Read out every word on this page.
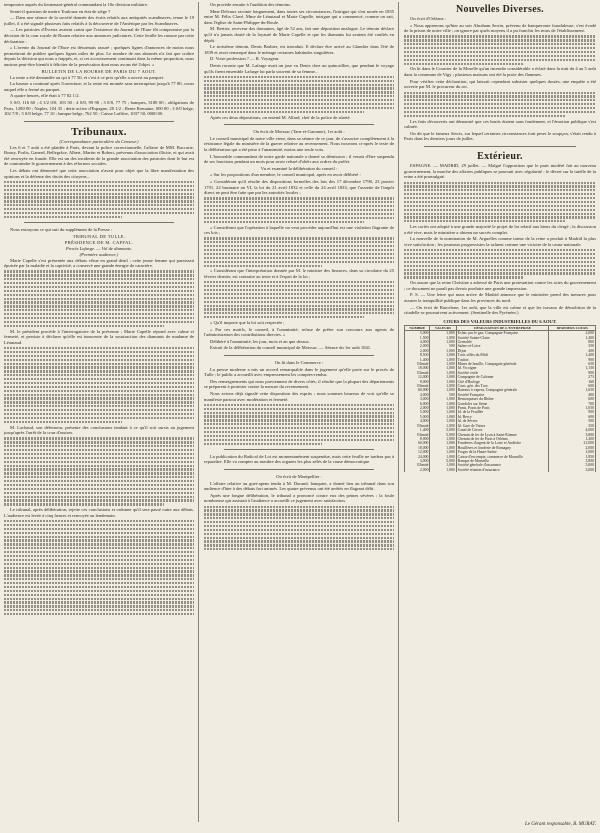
temporaire auprès du lieutenant-général commandant la 10e division militaire.

Serait-il question de mettre Toulouse en état de siége ?

— Dans une séance de la société donnée des écrits relatifs aux antiquités scandinaves, tenue le 19 juillet, il a été signalé plusieurs faits relatifs à la découverte de l'Amérique par les Scandinaves.

— Les patriotes d'Évreux avaient craint que l'existence du Journal de l'Eure fût compromise par la décision de la cour royale de Rouen relative aux annonces judiciaires. Cette feuille les rassure par cette déclaration :

« L'avenir du Journal de l'Eure est désormais assuré ; quelques lignes d'annonces de moins nous permettront de publier quelques lignes utiles de plus. Le nombre de nos abonnés n'a fait que croître depuis la décision qui nous a frappés, et, si cet accroissement continuait dans la même proportion, nous aurions peut-être bientôt à féliciter de la persécution dont nous avons été l'objet. »

BULLETIN DE LA BOURSE DE PARIS DU 7 AOUT.

La rente a été demandée au cpt à 77 50, et c'est à ce prix qu'elle a ouvert au parquet.

La hausse a continué après l'ouverture, et la rente est montée sans interruption jusqu'à 77 80, cours auquel elle a fermé au parquet.

A quatre heures, elle était à 77 82 1/2.

5 0/0, 116 60 ; 4 1/2 0/0, 103 50 ; 4 0/0, 99 90 ; 3 0/0, 77 75 ; banques, 3180 00 ; obligations de Paris, 1280 00 ; Naples, 104 35 ; dette active d'Espagne, 20 1/2 ; Rente Romaine, 000 00 ; 3 0/0 belge, 102 7/8 ; 5 0/0 belge, 77 10 ; banque belge, 762 50 ; Caisse Laffitte, 1037 50, 0000 00.

Tribunaux.
(Correspondance particulière du Censeur.)

Les 6 et 7 août a été plaidée à Paris, devant la police correctionnelle, l'affaire de MM. Baccarie, Bosny, Porlis, Ganerd, Bellegrâce, Albert, Martin et Robert, prévenus d'association illicite, et qui avait été renvoyée en fraude. Elle est un des incidents de la grande association des patriotes dont le but est de contraindre le gouvernement à des réformes sociales.

Les débats ont démontré que cette association n'avait pour objet que la libre manifestation des opinions et la défense des droits des citoyens...

Nous extrayons ce qui suit du supplément de la Presse :

TRIBUNAL DE TULLE.
PRÉSIDENCE DE M. CAFFAL.
Procès Lafarge. — Vol de diamants.
(Première audience.)

Marie Capelle s'est présentée aux débats vêtue en grand deuil ; cette jeune femme qui paraissait épuisée par la maladie et la captivité, a conservé une grande énergie de caractère.

M. le président procède à l'interrogatoire de la prévenue ; Marie Capelle répond avec calme et fermeté, et persiste à déclarer qu'elle est innocente de la soustraction des diamants de madame de Léautaud.

M. Lachaud, son défenseur, présente des conclusions tendant à ce qu'il soit sursis au jugement jusqu'après l'arrêt de la cour d'assises.

Le tribunal, après délibération, rejette ces conclusions et ordonne qu'il sera passé outre aux débats. L'audience est levée à cinq heures et renvoyée au lendemain.

On procède ensuite à l'audition des témoins.

Mme Delvaux raconte longuement, dans toutes ses circonstances, l'intrigue qui s'est nouée en 1835 entre M. Félix Clavé, Mme de Léautaud et Marie Capelle, intrigue qui a commencé, comme on sait, dans l'église de Saint-Philippe-du-Roule.

M. Bertier, receveur des domaines, âgé de 52 ans, fait une déposition analogue. Le témoin déclare qu'il n'a jamais douté de la loyauté de Marie Capelle et que les diamants lui avaient été confiés en dépôt.

Le troisième témoin, Denis Barbier, est introduit. Il déclare être arrivé au Glandier dans l'été de 1839 et avoir remarqué dans le ménage certaines habitudes singulières.

D. Votre profession ? — R. Voyageur.

Denis raconte que M. Lafarge avait un jour vu Denis chez un quincaillier, que pendant le voyage qu'ils firent ensemble Lafarge lui parla souvent de sa femme...

Après ces deux dépositions, on entend M. Allard, chef de la police de sûreté.

On écrit de Moissac (Tarn-et-Garonne), 1er août :

Le conseil municipal de notre ville vient, dans sa séance de ce jour, de s'associer complètement à la résistance légale du ministère de la guerre relative au recensement. Nous trouvons ci-après le texte de la délibération qui a été prise à l'unanimité, moins une seule voix.

L'honorable commandant de notre garde nationale a donné sa démission ; il venait d'être suspendu de ses fonctions pendant un mois pour avoir refusé d'obéir aux ordres du préfet.

Vu et examiné la délibération du conseil :

« Sur les propositions d'un membre, le conseil municipal, après en avoir délibéré :

« Considérant qu'il résulte des dispositions formelles des lois des 17 décembre 1790, 23 janvier 1791, 22 brumaire an VI, la loi du 21 avril 1832 et celle du 24 avril 1833, que l'assiette de l'impôt direct ne peut être faite que par les autorités locales ;

« Considérant que l'opération à laquelle on veut procéder aujourd'hui est une violation flagrante de ces lois ;

« Considérant que l'interprétation donnée par M. le ministre des finances, dans sa circulaire du 25 février dernier, est contraire au texte et à l'esprit de la loi ;

« Qu'il importe que la loi soit respectée ;

« Par ces motifs, le conseil, à l'unanimité, refuse de prêter son concours aux agents de l'administration des contributions directes. »

Délibéré à l'unanimité, les jour, mois et an que dessus.

Extrait de la délibération du conseil municipal de Moissac. — Séance du 1er août 1841.

On lit dans le Commerce :

La presse moderne a mis un accord remarquable dans le jugement qu'elle porte sur le procès de Tulle ; le public a accueilli avec empressement les comptes-rendus.

Des renseignements qui nous parviennent de divers côtés, il résulte que la plupart des départements se préparent à protester contre la mesure du recensement.

Nous avions déjà signalé cette disposition des esprits ; nous sommes heureux de voir qu'elle se manifeste partout avec modération et fermeté.

La publication du Radical de Lot est momentanément suspendue, mais cette feuille ne tardera pas à reparaître. Elle va compter au nombre des organes les plus zélés de la cause démocratique.

On écrit de Montpellier :

L'affaire relative au guet-apens tendu à M. Durand, banquier, a donné lieu au tribunal dans son audience d'hier à des débats fort animés. Les quatre prévenus ont été arrêtés en flagrant délit.

Après une longue délibération, le tribunal a prononcé contre eux des peines sévères ; la foule nombreuse qui assistait à l'audience a accueilli ce jugement avec satisfaction.

Nouvelles Diverses.

On écrit d'Orléans :

« Nous apprenons qu'hier au soir Abraham Serrin, prévenu de banqueroute frauduleuse, s'est évadé de la prison de notre ville ; on ignore par quels moyens il a pu franchir les murs de l'établissement.

On lit dans le Courrier de la Moselle qu'un incendie considérable a éclaté dans la nuit du 4 au 5 août dans la commune de Vigy ; plusieurs maisons ont été la proie des flammes.

Pour vérifier cette déclaration, qui laissait cependant subsister quelques doutes, une enquête a été ouverte par M. le procureur du roi.

Les faits découverts ont démontré que ces bruits étaient sans fondement, et l'émotion publique s'est calmée.

On dit que le fameux Sercis, sur lequel certaines circonstances font peser le soupçon, s'était rendu à Paris dans les derniers jours de juillet.

Extérieur.

ESPAGNE. — MADRID, 29 juillet. — Malgré l'opposition que le parti modéré fait au nouveau gouvernement, la marche des affaires publiques se poursuit avec régularité ; le décret sur la tutelle de la reine a été promulgué.

Les cortès ont adopté à une grande majorité le projet de loi relatif aux biens du clergé ; la discussion a été vive, mais le ministère a obtenu un succès complet.

La nouvelle de la nomination de M. Arguelles comme tuteur de la reine a produit à Madrid la plus vive satisfaction ; les journaux progressistes la saluent comme une victoire de la cause nationale.

On assure que la reine Christine a adressé de Paris une protestation contre les actes du gouvernement ; ce document ne paraît pas devoir produire une grande impression.

P. S. — Une lettre qui nous arrive de Madrid annonce que le ministère prend des mesures pour assurer la tranquillité publique dans les provinces du nord.

— On écrit de Barcelone, 1er août, que la ville est calme et que les travaux de démolition de la citadelle se poursuivent activement. (Sentinelle des Pyrénées.)

COURS DES VALEURS INDUSTRIELLES DU 6 AOUT.
NOMBRE	VALEURS	DÉSIGNATION DE L'ENTREPRISE	DERNIERS COURS
5,000	1,000	Éclair. par le gaz, Compagnie Française	2,000
1,500	1,000	Société Sainte-Claire	1,400
4,000	1,000	Grenoble	800
2,000	500	Saône-et-Loire	350
2,000	1,000	Dijon	400
8,500	1,000	Trois villes du Midi	1,400
1,400	1,000	Toulon	900
Illimité	1,000	Mines de houille, Compagnie générale	650
18,000	1,000	Id. Vicoigne	1,150
Illimité	1,000	Société civile	900
12,000	1,000	Compagnie de Calonne	273
8,000	1,000	Cité d'Horloge	160
Illimité	1,000	Cons. gén. des Trav.	600
60,000	1,000	Bateaux à vapeur, Compagnie générale	1,650
4,000	500	Société Française	400
3,000	1,000	Remorqueurs du Rhône	600
6,000	1,000	Gondoles sur Seine	700
2,000	1,000	Ponts, Ponts de Paris	1,050
5,000	1,000	Id. de la Feuillée	900
5,000	1,000	Id. Bercy	600
4,000	1,000	Id. de Sèvres	500
Illimité	1,000	Id. Gare de Vaises	350
1,400	5,000	Canal de Givors	4,000
Illimité	5,000	Chemin de fer de Lyon à Saint-Étienne	3,800
8,000	1,000	Chemin de fer de Paris à Orléans	1,200
60,000	1,000	Fonderies d'argent de la Loire et Andèche	21,000
18,000	1,000	Houillères et fonderie de Romagny	2,000
12,000	1,000	Forges de la Haute-Saône	1,000
24,000	1,000	Caisse d'escompte, commerce de Marseille	1,850
3,000	5,000	Banque de Marseille	3,800
Illimité	1,000	Société générale d'assurance	5,000
2,000	1,000	Société réunion d'assurance	3,000
Le Gérant responsable, B. MURAT.
